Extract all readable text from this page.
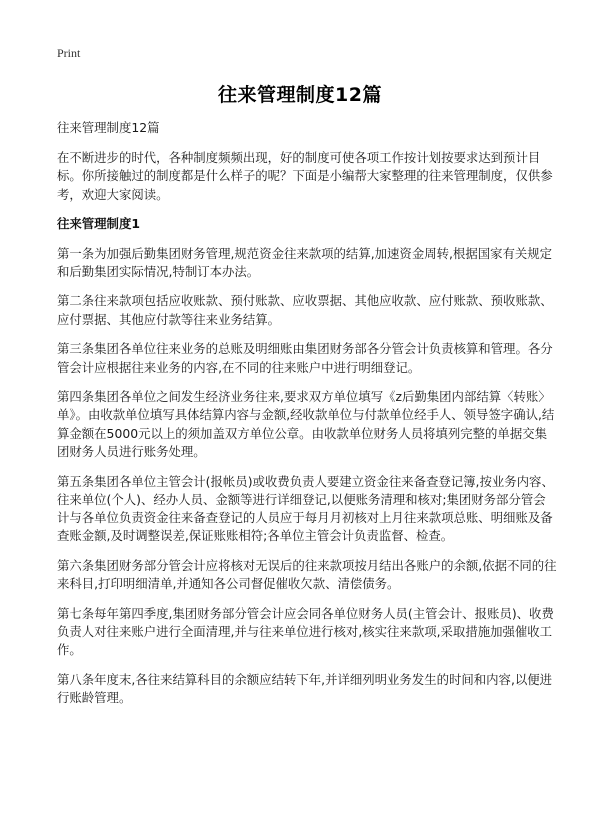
Print
往来管理制度12篇

往来管理制度12篇

在不断进步的时代，各种制度频频出现，好的制度可使各项工作按计划按要求达到预计目标。你所接触过的制度都是什么样子的呢？下面是小编帮大家整理的往来管理制度，仅供参考，欢迎大家阅读。

往来管理制度1

第一条为加强后勤集团财务管理,规范资金往来款项的结算,加速资金周转,根据国家有关规定和后勤集团实际情况,特制订本办法。

第二条往来款项包括应收账款、预付账款、应收票据、其他应收款、应付账款、预收账款、应付票据、其他应付款等往来业务结算。

第三条集团各单位往来业务的总账及明细账由集团财务部各分管会计负责核算和管理。各分管会计应根据往来业务的内容,在不同的往来账户中进行明细登记。

第四条集团各单位之间发生经济业务往来,要求双方单位填写《z后勤集团内部结算〈转账〉单》。由收款单位填写具体结算内容与金额,经收款单位与付款单位经手人、领导签字确认,结算金额在5000元以上的须加盖双方单位公章。由收款单位财务人员将填列完整的单据交集团财务人员进行账务处理。

第五条集团各单位主管会计(报帐员)或收费负责人要建立资金往来备查登记簿,按业务内容、往来单位(个人)、经办人员、金额等进行详细登记,以便账务清理和核对;集团财务部分管会计与各单位负责资金往来备查登记的人员应于每月月初核对上月往来款项总账、明细账及备查账金额,及时调整误差,保证账账相符;各单位主管会计负责监督、检查。

第六条集团财务部分管会计应将核对无误后的往来款项按月结出各账户的余额,依据不同的往来科目,打印明细清单,并通知各公司督促催收欠款、清偿债务。

第七条每年第四季度,集团财务部分管会计应会同各单位财务人员(主管会计、报账员)、收费负责人对往来账户进行全面清理,并与往来单位进行核对,核实往来款项,采取措施加强催收工作。

第八条年度末,各往来结算科目的余额应结转下年,并详细列明业务发生的时间和内容,以便进行账龄管理。
